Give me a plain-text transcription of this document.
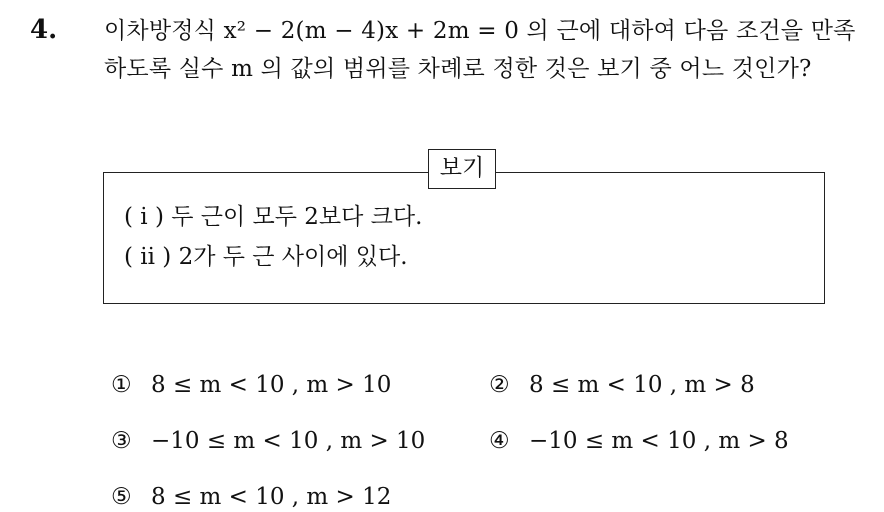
4. 이차방정식 x² − 2(m − 4)x + 2m = 0 의 근에 대하여 다음 조건을 만족하도록 실수 m 의 값의 범위를 차례로 정한 것은 보기 중 어느 것인가?

보기
( i ) 두 근이 모두 2보다 크다.
( ii ) 2가 두 근 사이에 있다.
① 8 ≤ m < 10 , m > 10	② 8 ≤ m < 10 , m > 8
③ −10 ≤ m < 10 , m > 10	④ −10 ≤ m < 10 , m > 8
⑤ 8 ≤ m < 10 , m > 12
